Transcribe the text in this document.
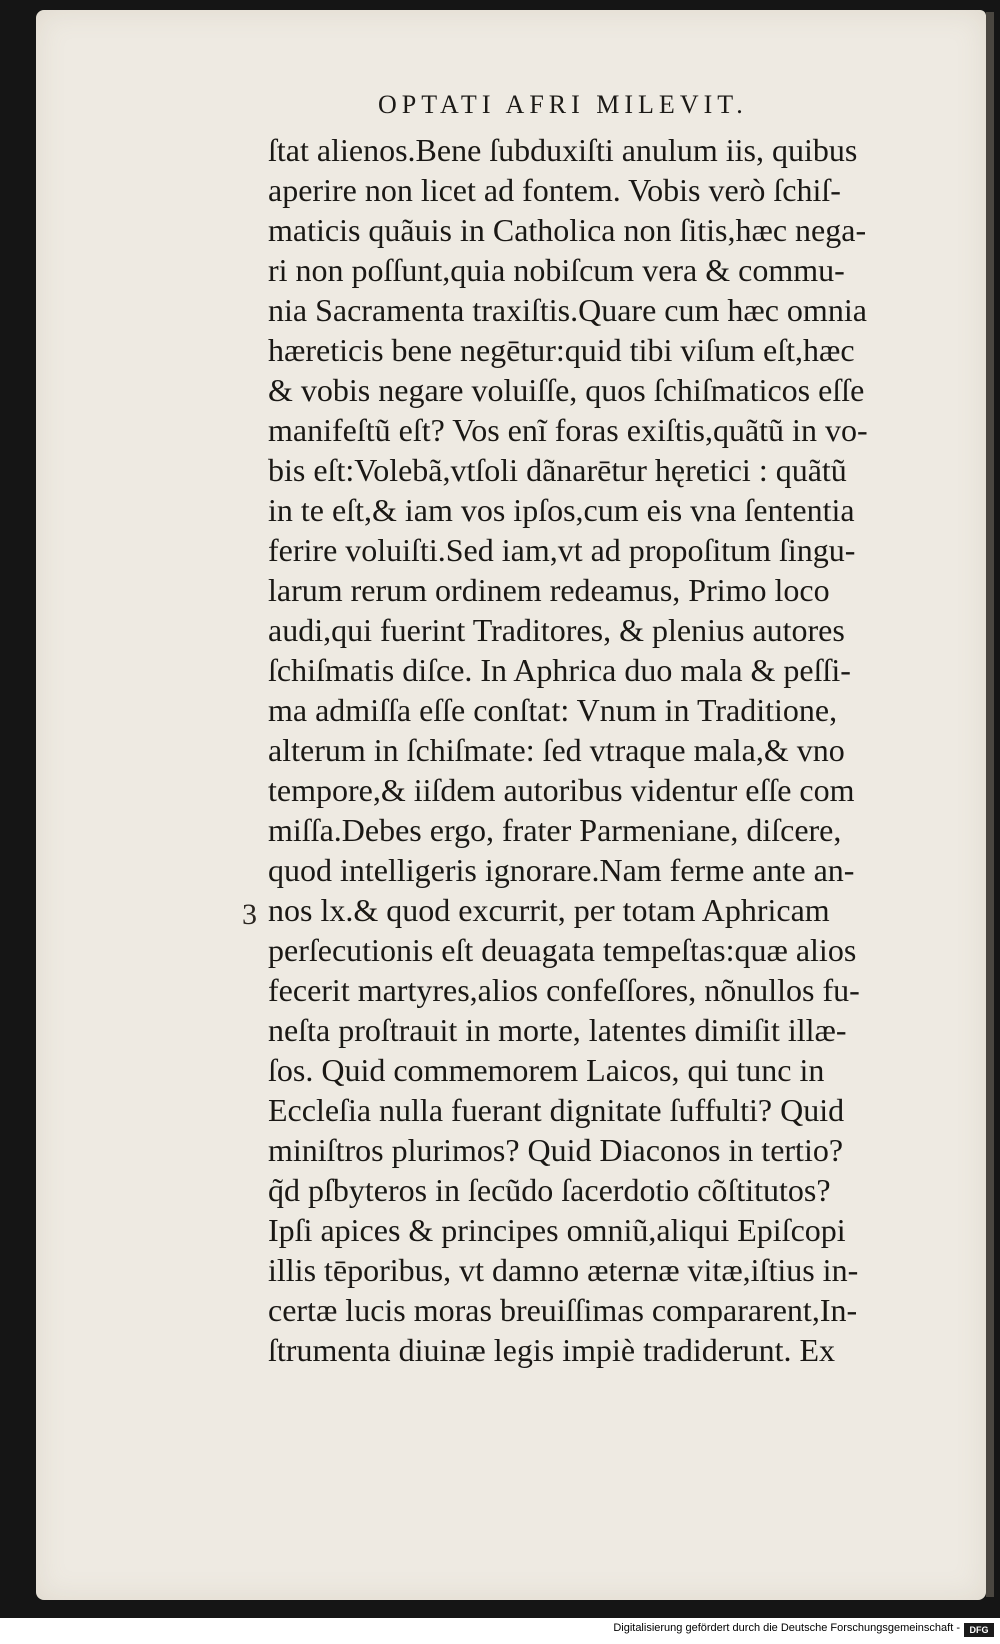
OPTATI AFRI MILEVIT.
3
ſtat alienos.Bene ſubduxiſti anulum iis, quibus
aperire non licet ad fontem. Vobis verò ſchiſ-
maticis quãuis in Catholica non ſitis,hæc nega-
ri non poſſunt,quia nobiſcum vera & commu-
nia Sacramenta traxiſtis.Quare cum hæc omnia
hæreticis bene negētur:quid tibi viſum eſt,hæc
& vobis negare voluiſſe, quos ſchiſmaticos eſſe
manifeſtũ eſt? Vos enĩ foras exiſtis,quãtũ in vo-
bis eſt:Volebã,vtſoli dãnarētur hęretici : quãtũ
in te eſt,& iam vos ipſos,cum eis vna ſententia
ferire voluiſti.Sed iam,vt ad propoſitum ſingu-
larum rerum ordinem redeamus, Primo loco
audi,qui fuerint Traditores, & plenius autores
ſchiſmatis diſce. In Aphrica duo mala & peſſi-
ma admiſſa eſſe conſtat: Vnum in Traditione,
alterum in ſchiſmate: ſed vtraque mala,& vno
tempore,& iiſdem autoribus videntur eſſe com
miſſa.Debes ergo, frater Parmeniane, diſcere,
quod intelligeris ignorare.Nam ferme ante an-
nos lx.& quod excurrit, per totam Aphricam
perſecutionis eſt deuagata tempeſtas:quæ alios
fecerit martyres,alios confeſſores, nõnullos fu-
neſta proſtrauit in morte, latentes dimiſit illæ-
ſos. Quid commemorem Laicos, qui tunc in
Eccleſia nulla fuerant dignitate ſuffulti? Quid
miniſtros plurimos? Quid Diaconos in tertio?
q̃d pſbyteros in ſecũdo ſacerdotio cõſtitutos?
Ipſi apices & principes omniũ,aliqui Epiſcopi
illis tēporibus, vt damno æternæ vitæ,iſtius in-
certæ lucis moras breuiſſimas compararent,In-
ſtrumenta diuinæ legis impiè tradiderunt. Ex
Digitalisierung gefördert durch die Deutsche Forschungsgemeinschaft -	DFG
